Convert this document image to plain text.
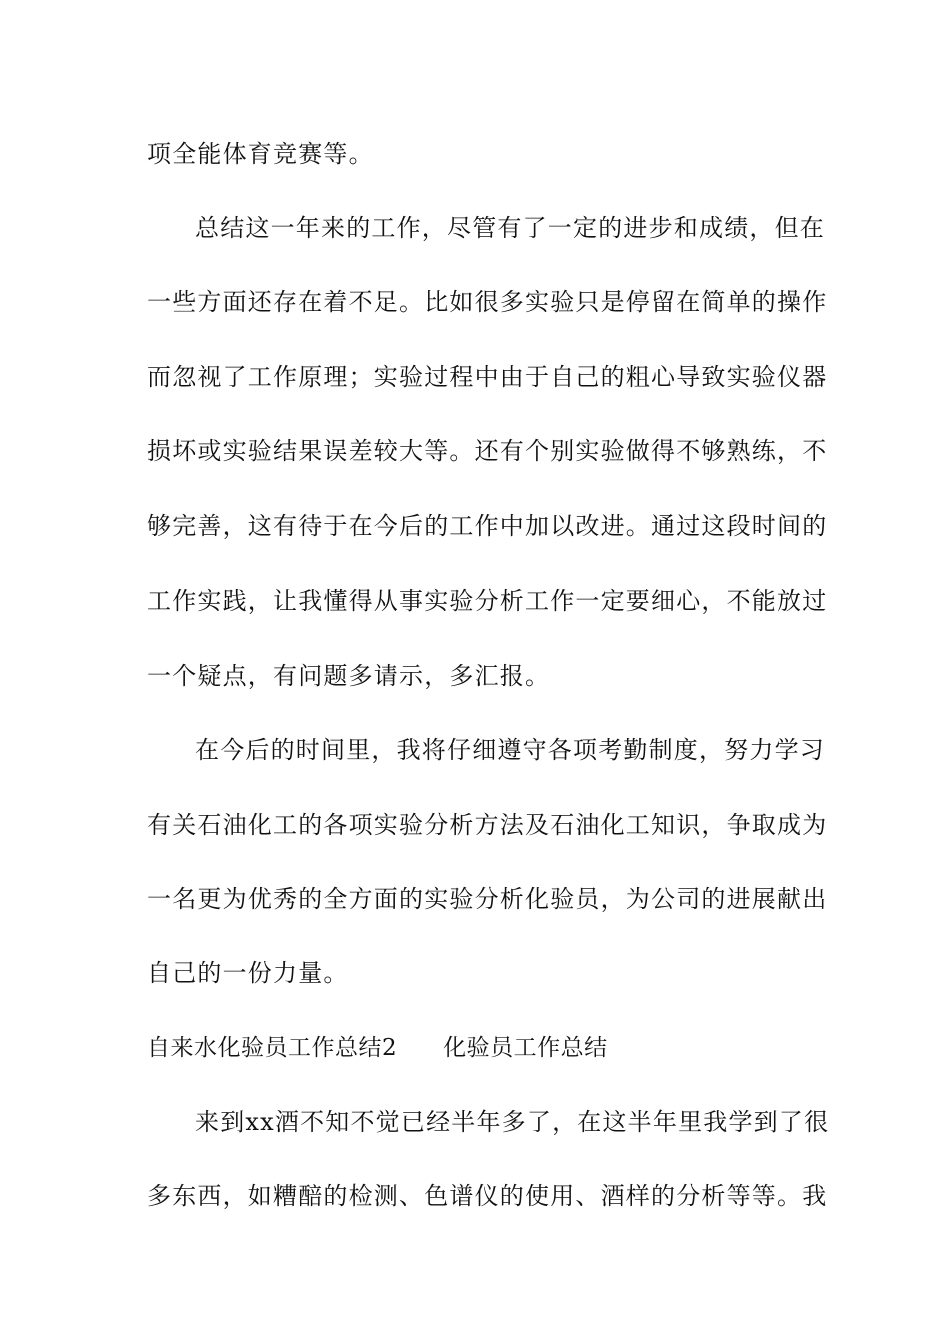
项全能体育竞赛等。
总结这一年来的工作，尽管有了一定的进步和成绩，但在
一些方面还存在着不足。比如很多实验只是停留在简单的操作
而忽视了工作原理；实验过程中由于自己的粗心导致实验仪器
损坏或实验结果误差较大等。还有个别实验做得不够熟练，不
够完善，这有待于在今后的工作中加以改进。通过这段时间的
工作实践，让我懂得从事实验分析工作一定要细心，不能放过
一个疑点，有问题多请示，多汇报。
在今后的时间里，我将仔细遵守各项考勤制度，努力学习
有关石油化工的各项实验分析方法及石油化工知识，争取成为
一名更为优秀的全方面的实验分析化验员，为公司的进展献出
自己的一份力量。
自来水化验员工作总结2 化验员工作总结
来到xx酒不知不觉已经半年多了，在这半年里我学到了很
多东西，如糟醅的检测、色谱仪的使用、酒样的分析等等。我
